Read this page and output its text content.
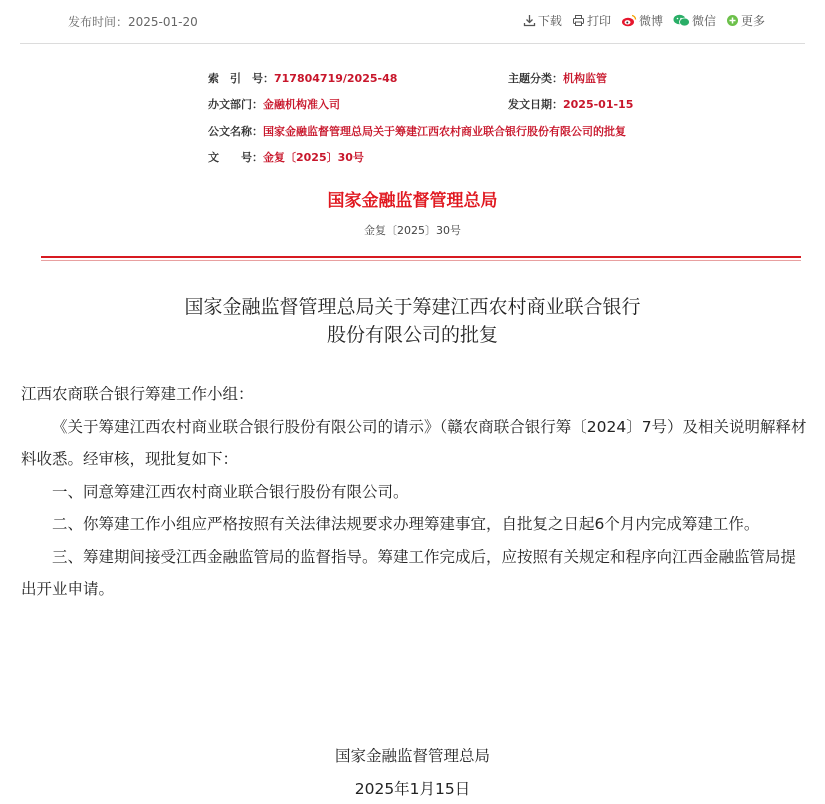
发布时间：2025-01-20	下载 打印 微博 微信 更多
索　引　号：717804719/2025-48	主题分类：机构监管
办文部门：金融机构准入司	发文日期：2025-01-15
公文名称：国家金融监督管理总局关于筹建江西农村商业联合银行股份有限公司的批复
文　　号：金复〔2025〕30号
国家金融监督管理总局
金复〔2025〕30号
国家金融监督管理总局关于筹建江西农村商业联合银行
股份有限公司的批复

江西农商联合银行筹建工作小组：

《关于筹建江西农村商业联合银行股份有限公司的请示》（赣农商联合银行筹〔2024〕7号）及相关说明解释材料收悉。经审核，现批复如下：

一、同意筹建江西农村商业联合银行股份有限公司。

二、你筹建工作小组应严格按照有关法律法规要求办理筹建事宜，自批复之日起6个月内完成筹建工作。

三、筹建期间接受江西金融监管局的监督指导。筹建工作完成后，应按照有关规定和程序向江西金融监管局提出开业申请。

国家金融监督管理总局
2025年1月15日
